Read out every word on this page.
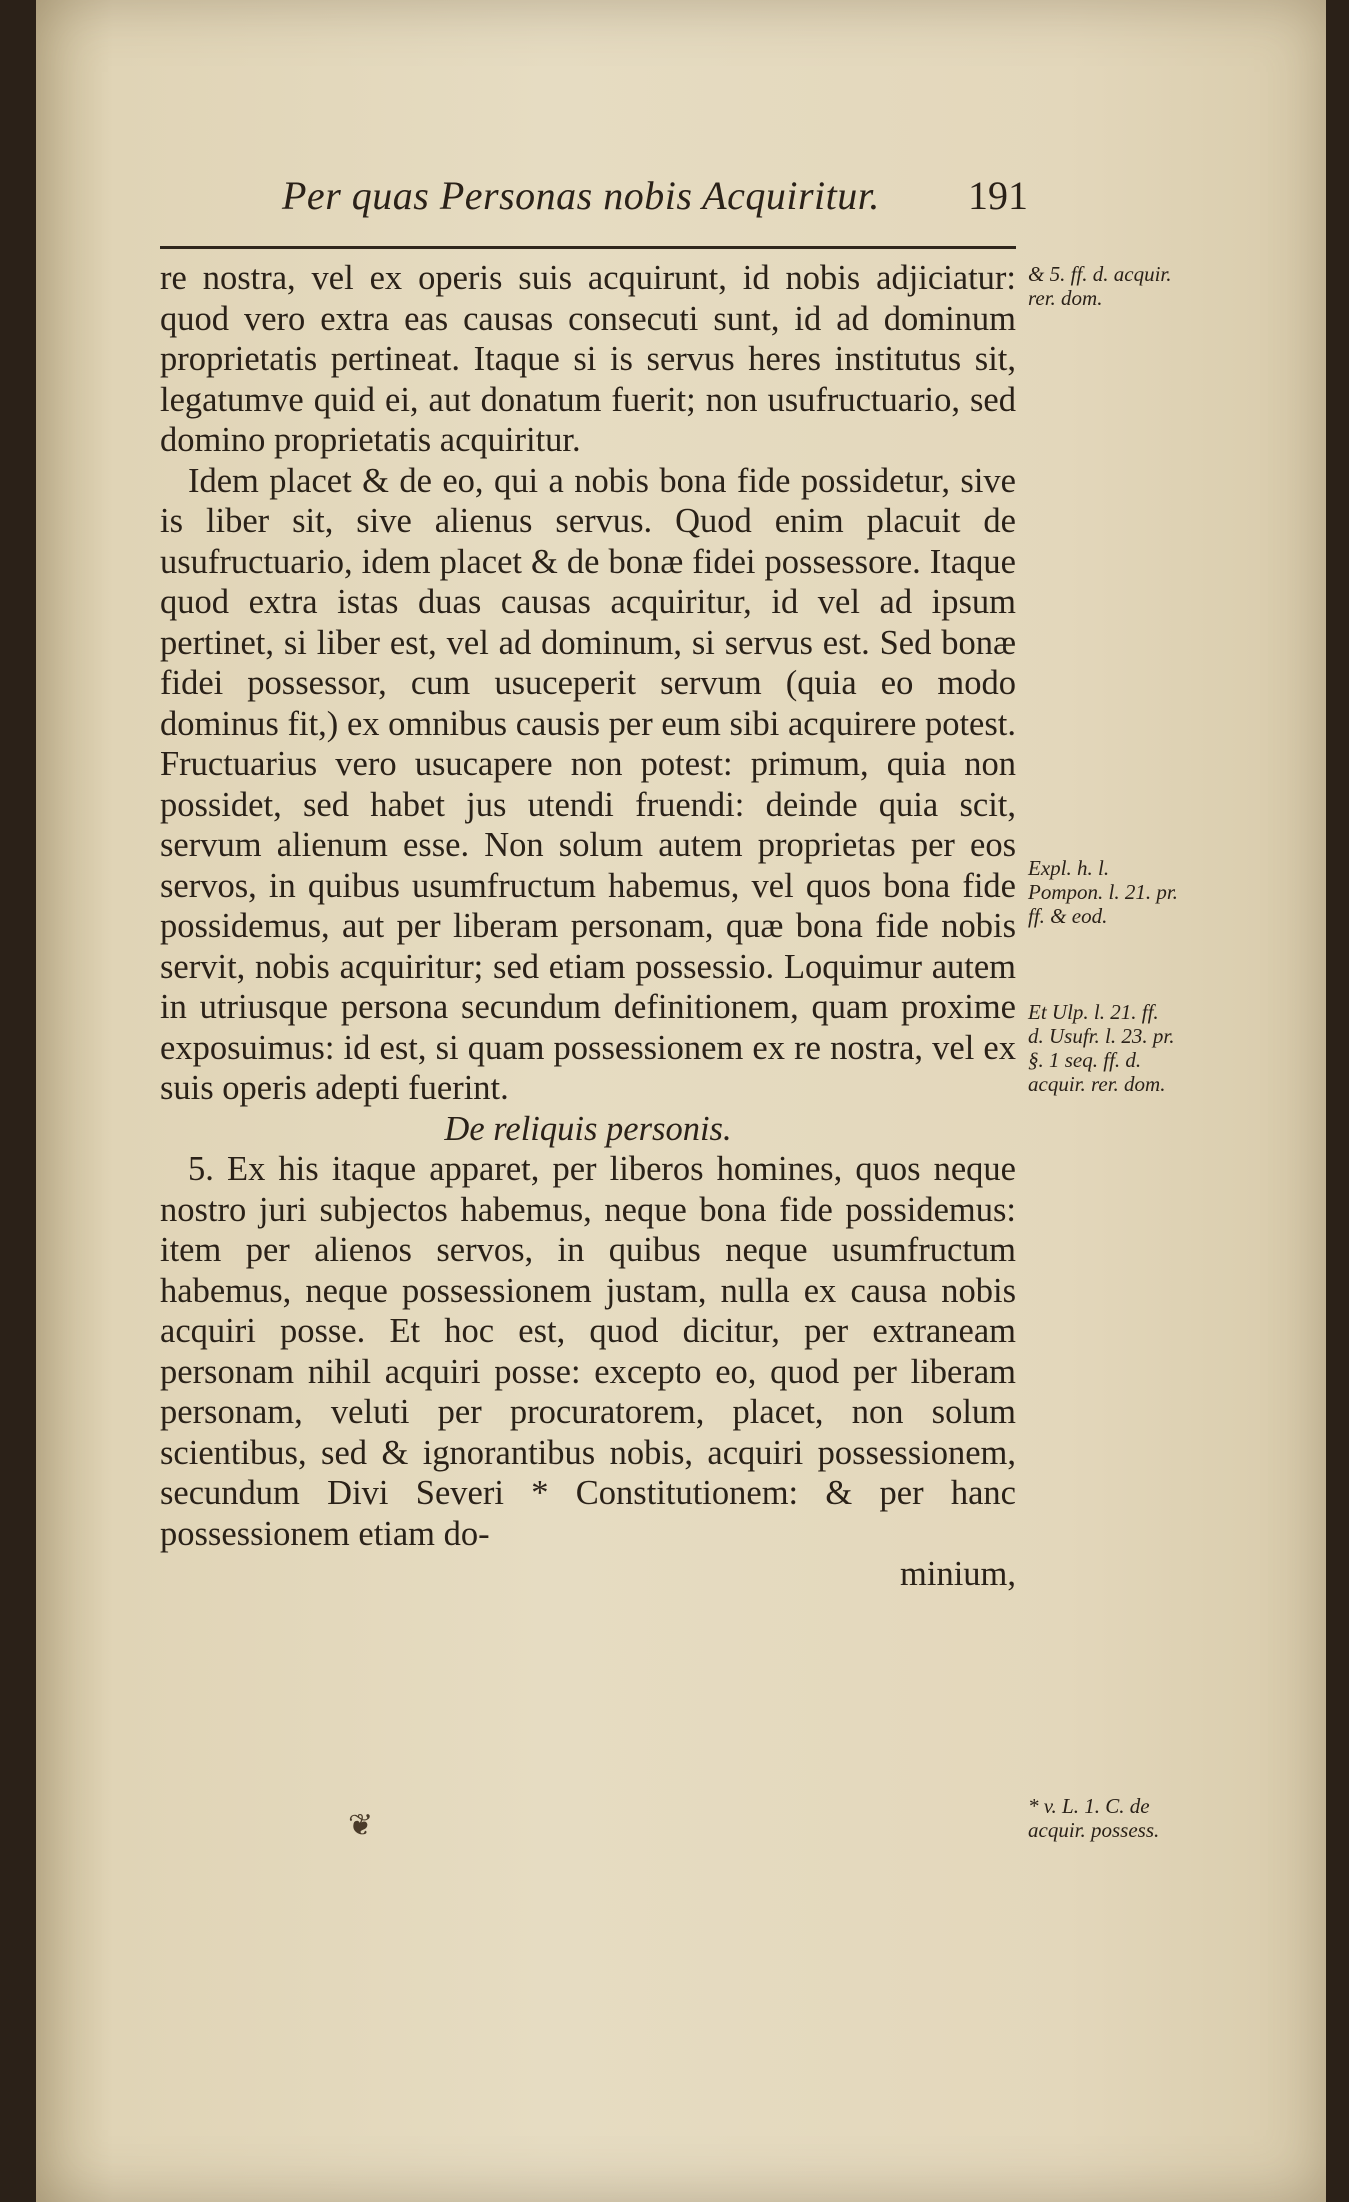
Per quas Personas nobis Acquiritur. 191

re nostra, vel ex operis suis acquirunt, id nobis adjiciatur: quod vero extra eas causas consecuti sunt, id ad dominum proprietatis pertineat. Itaque si is servus heres institutus sit, legatumve quid ei, aut donatum fuerit; non usufructuario, sed domino proprietatis acquiritur.

Idem placet & de eo, qui a nobis bona fide possidetur, sive is liber sit, sive alienus servus. Quod enim placuit de usufructuario, idem placet & de bonæ fidei possessore. Itaque quod extra istas duas causas acquiritur, id vel ad ipsum pertinet, si liber est, vel ad dominum, si servus est. Sed bonæ fidei possessor, cum usuceperit servum (quia eo modo dominus fit,) ex omnibus causis per eum sibi acquirere potest. Fructuarius vero usucapere non potest: primum, quia non possidet, sed habet jus utendi fruendi: deinde quia scit, servum alienum esse. Non solum autem proprietas per eos servos, in quibus usumfructum habemus, vel quos bona fide possidemus, aut per liberam personam, quæ bona fide nobis servit, nobis acquiritur; sed etiam possessio. Loquimur autem in utriusque persona secundum definitionem, quam proxime exposuimus: id est, si quam possessionem ex re nostra, vel ex suis operis adepti fuerint.

De reliquis personis.

5. Ex his itaque apparet, per liberos homines, quos neque nostro juri subjectos habemus, neque bona fide possidemus: item per alienos servos, in quibus neque usumfructum habemus, neque possessionem justam, nulla ex causa nobis acquiri posse. Et hoc est, quod dicitur, per extraneam personam nihil acquiri posse: excepto eo, quod per liberam personam, veluti per procuratorem, placet, non solum scientibus, sed & ignorantibus nobis, acquiri possessionem, secundum Divi Severi * Constitutionem: & per hanc possessionem etiam do-

minium,

& 5. ff. d. acquir. rer. dom.
Expl. h. l. Pompon. l. 21. pr. ff. & eod.
Et Ulp. l. 21. ff. d. Usufr. l. 23. pr. §. 1 seq. ff. d. acquir. rer. dom.
* v. L. 1. C. de acquir. possess.
❦
